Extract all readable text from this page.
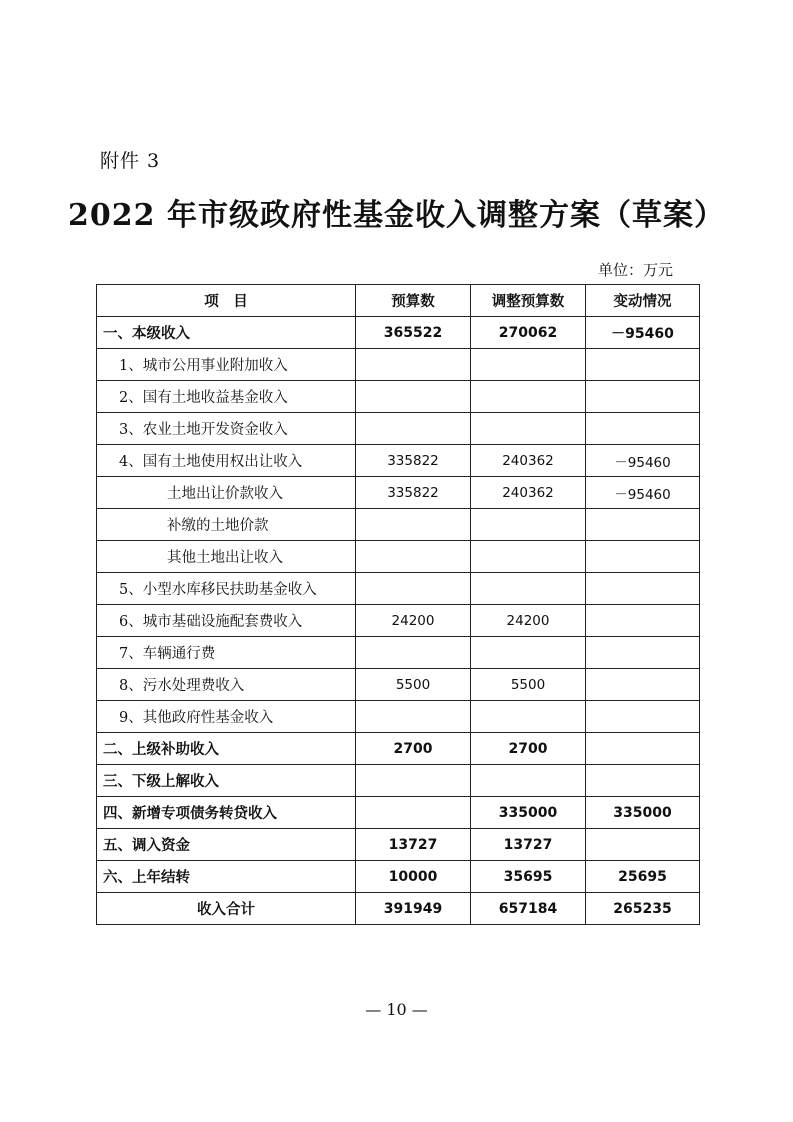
附件 3
2022 年市级政府性基金收入调整方案（草案）
单位：万元
项　目	预算数	调整预算数	变动情况
一、本级收入	365522	270062	－95460
1、城市公用事业附加收入			
2、国有土地收益基金收入			
3、农业土地开发资金收入			
4、国有土地使用权出让收入	335822	240362	－95460
土地出让价款收入	335822	240362	－95460
补缴的土地价款			
其他土地出让收入			
5、小型水库移民扶助基金收入			
6、城市基础设施配套费收入	24200	24200	
7、车辆通行费			
8、污水处理费收入	5500	5500	
9、其他政府性基金收入			
二、上级补助收入	2700	2700	
三、下级上解收入			
四、新增专项债务转贷收入		335000	335000
五、调入资金	13727	13727	
六、上年结转	10000	35695	25695
收入合计	391949	657184	265235
— 10 —
